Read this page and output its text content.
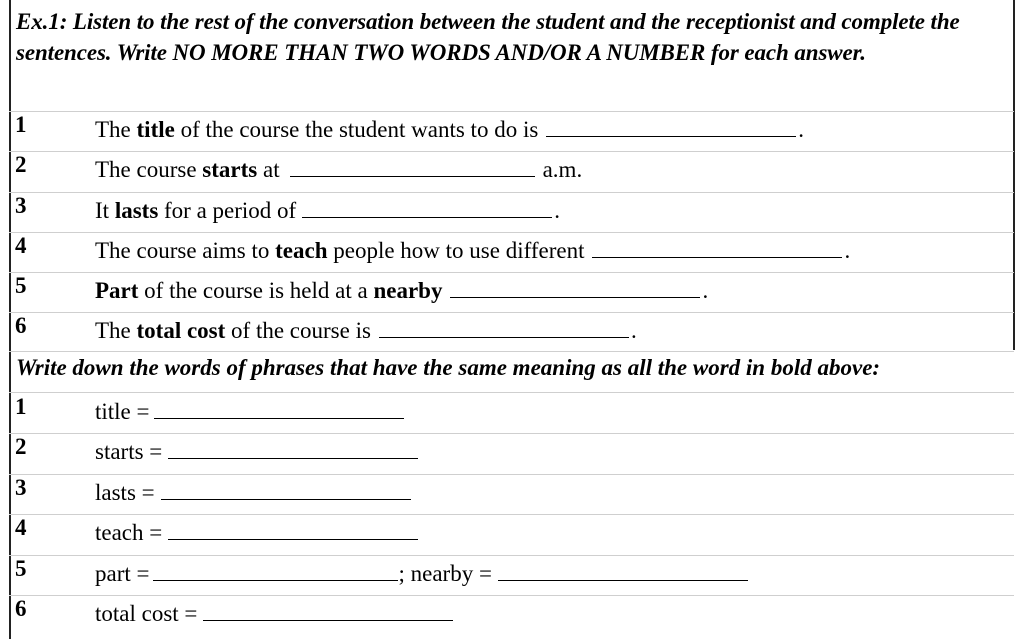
Ex.1: Listen to the rest of the conversation between the student and the receptionist and complete the sentences. Write NO MORE THAN TWO WORDS AND/OR A NUMBER for each answer.
1	The title of the course the student wants to do is	.
2	The course starts at	a.m.
3	It lasts for a period of	.
4	The course aims to teach people how to use different	.
5	Part of the course is held at a nearby	.
6	The total cost of the course is	.
Write down the words of phrases that have the same meaning as all the word in bold above:
1	title =
2	starts =
3	lasts =
4	teach =
5	part =	; nearby =
6	total cost =
